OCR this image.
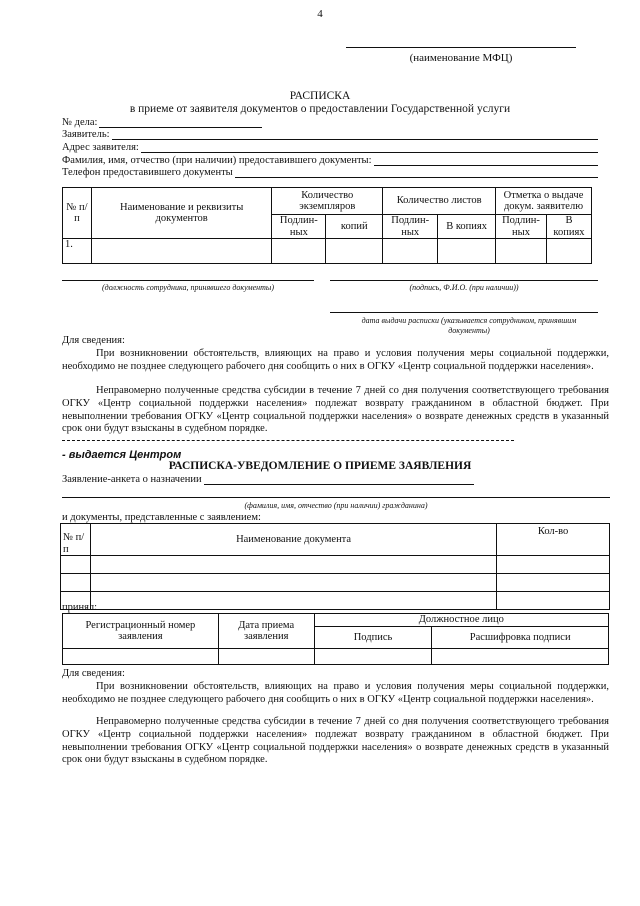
4
(наименование МФЦ)
РАСПИСКА
в приеме от заявителя документов о предоставлении Государственной услуги
№ дела:
Заявитель:
Адрес заявителя:
Фамилия, имя, отчество (при наличии) предоставившего документы:
Телефон предоставившего документы
№ п/п	Наименование и реквизиты документов	Количество экземпляров		Количество листов		Отметка о выдаче докум. заявителю	
		Подлин-ных	копий	Подлин-ных	В копиях	Подлин-ных	В копиях
1.							
(должность сотрудника, принявшего документы)	(подпись, Ф.И.О. (при наличии))
дата выдачи расписки (указывается сотрудником, принявшим документы)
Для сведения:
При возникновении обстоятельств, влияющих на право и условия получения меры социальной поддержки, необходимо не позднее следующего рабочего дня сообщить о них в ОГКУ «Центр социальной поддержки населения».
Неправомерно полученные средства субсидии в течение 7 дней со дня получения соответствующего требования ОГКУ «Центр социальной поддержки населения» подлежат возврату гражданином в областной бюджет. При невыполнении требования ОГКУ «Центр социальной поддержки населения» о возврате денежных средств в указанный срок они будут взысканы в судебном порядке.
- выдается Центром
РАСПИСКА-УВЕДОМЛЕНИЕ О ПРИЕМЕ ЗАЯВЛЕНИЯ
Заявление-анкета о назначении
(фамилия, имя, отчество (при наличии) гражданина)
и документы, представленные с заявлением:
№ п/п	Наименование документа	Кол-во

принял:
Регистрационный номер заявления	Дата приема заявления	Должностное лицо	
		Подпись	Расшифровка подписи

Для сведения:
При возникновении обстоятельств, влияющих на право и условия получения меры социальной поддержки, необходимо не позднее следующего рабочего дня сообщить о них в ОГКУ «Центр социальной поддержки населения».
Неправомерно полученные средства субсидии в течение 7 дней со дня получения соответствующего требования ОГКУ «Центр социальной поддержки населения» подлежат возврату гражданином в областной бюджет. При невыполнении требования ОГКУ «Центр социальной поддержки населения» о возврате денежных средств в указанный срок они будут взысканы в судебном порядке.
